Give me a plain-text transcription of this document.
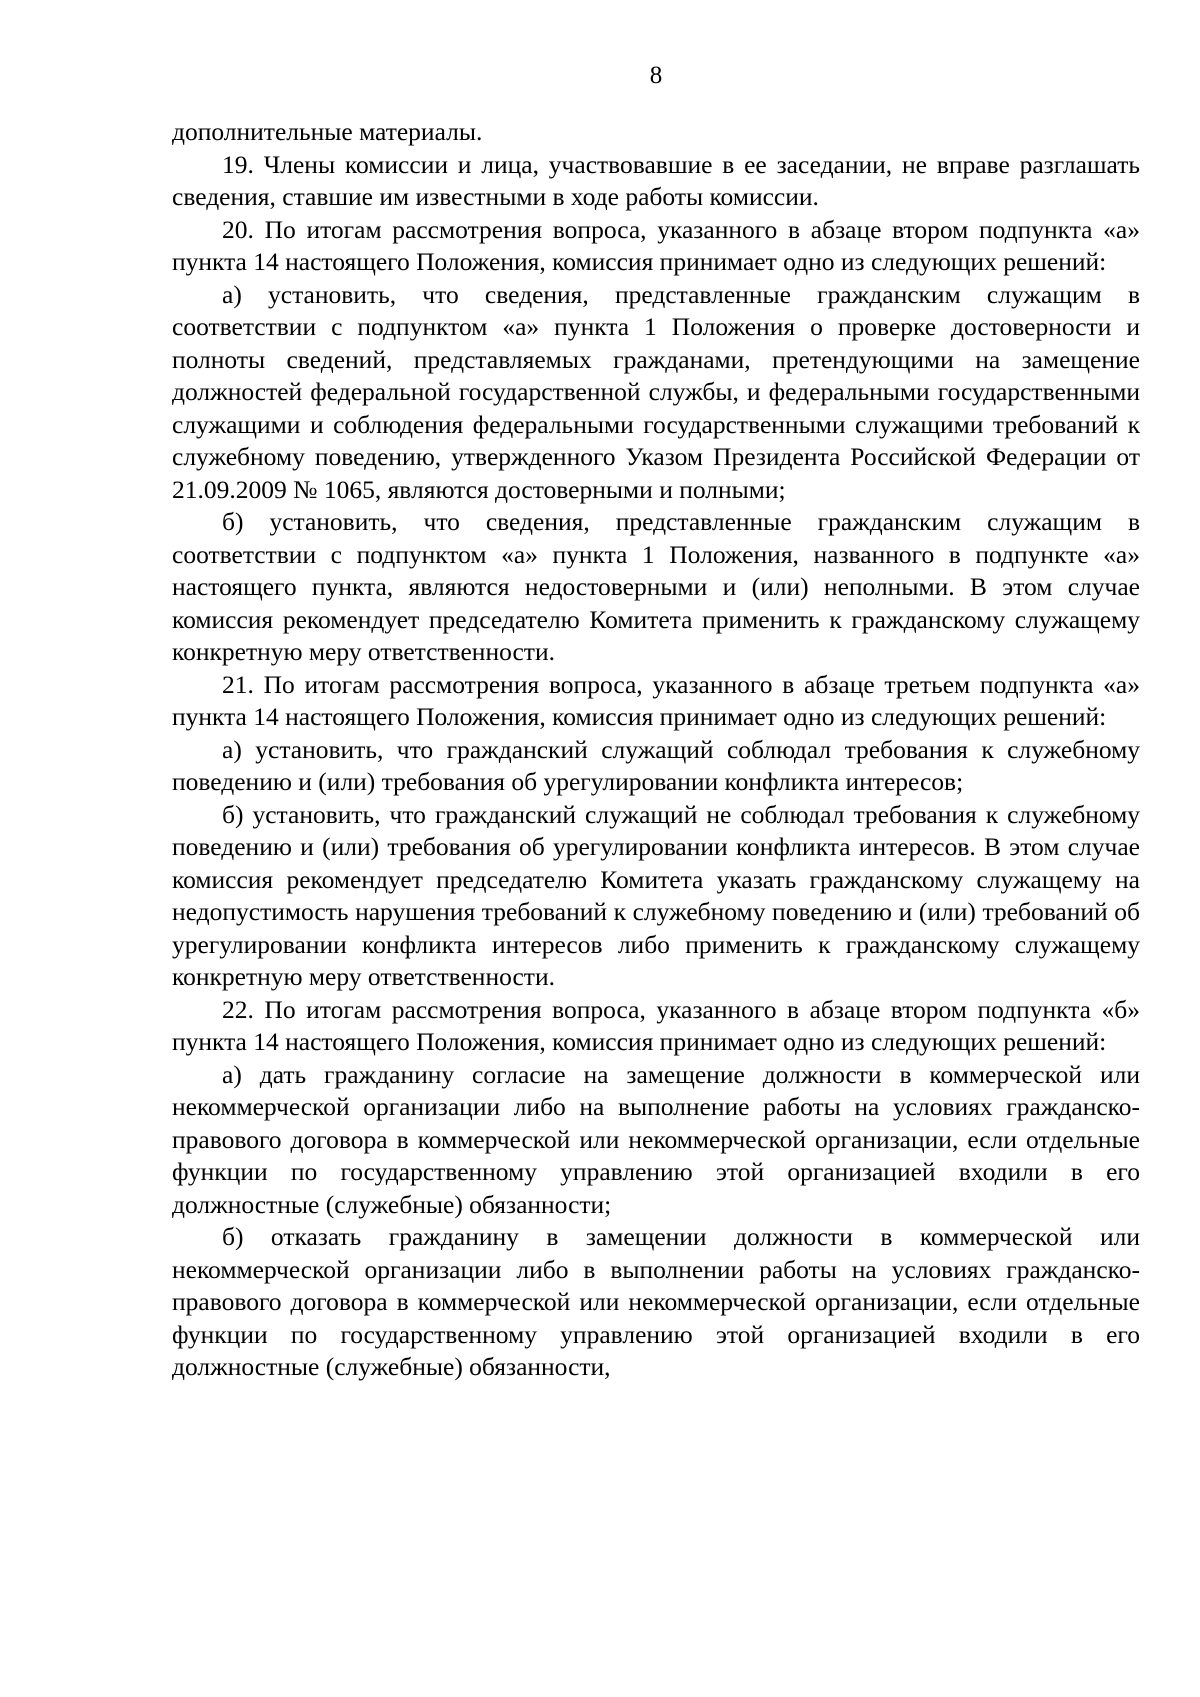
8

дополнительные материалы.

19. Члены комиссии и лица, участвовавшие в ее заседании, не вправе разглашать сведения, ставшие им известными в ходе работы комиссии.

20. По итогам рассмотрения вопроса, указанного в абзаце втором подпункта «а» пункта 14 настоящего Положения, комиссия принимает одно из следующих решений:

а) установить, что сведения, представленные гражданским служащим в соответствии с подпунктом «а» пункта 1 Положения о проверке достоверности и полноты сведений, представляемых гражданами, претендующими на замещение должностей федеральной государственной службы, и федеральными государственными служащими и соблюдения федеральными государственными служащими требований к служебному поведению, утвержденного Указом Президента Российской Федерации от 21.09.2009 № 1065, являются достоверными и полными;

б) установить, что сведения, представленные гражданским служащим в соответствии с подпунктом «а» пункта 1 Положения, названного в подпункте «а» настоящего пункта, являются недостоверными и (или) неполными. В этом случае комиссия рекомендует председателю Комитета применить к гражданскому служащему конкретную меру ответственности.

21. По итогам рассмотрения вопроса, указанного в абзаце третьем подпункта «а» пункта 14 настоящего Положения, комиссия принимает одно из следующих решений:

а) установить, что гражданский служащий соблюдал требования к служебному поведению и (или) требования об урегулировании конфликта интересов;

б) установить, что гражданский служащий не соблюдал требования к служебному поведению и (или) требования об урегулировании конфликта интересов. В этом случае комиссия рекомендует председателю Комитета указать гражданскому служащему на недопустимость нарушения требований к служебному поведению и (или) требований об урегулировании конфликта интересов либо применить к гражданскому служащему конкретную меру ответственности.

22. По итогам рассмотрения вопроса, указанного в абзаце втором подпункта «б» пункта 14 настоящего Положения, комиссия принимает одно из следующих решений:

а) дать гражданину согласие на замещение должности в коммерческой или некоммерческой организации либо на выполнение работы на условиях гражданско-правового договора в коммерческой или некоммерческой организации, если отдельные функции по государственному управлению этой организацией входили в его должностные (служебные) обязанности;

б) отказать гражданину в замещении должности в коммерческой или некоммерческой организации либо в выполнении работы на условиях гражданско-правового договора в коммерческой или некоммерческой организации, если отдельные функции по государственному управлению этой организацией входили в его должностные (служебные) обязанности,
